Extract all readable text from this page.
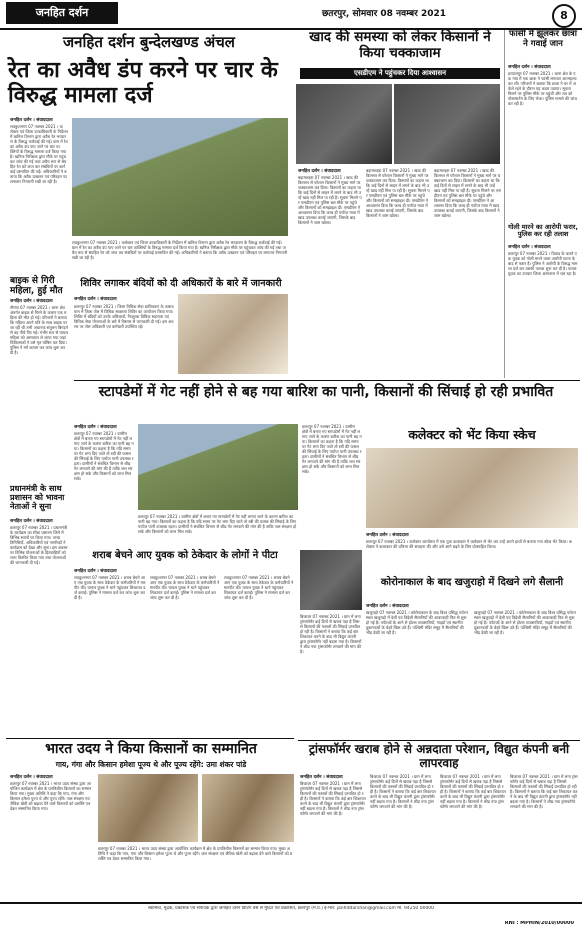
जनहित दर्शन	छतरपुर, सोमवार 08 नवम्बर 2021	8
जनहित दर्शन बुन्देलखण्ड अंचल
रेत का अवैध डंप करने पर चार के विरुद्ध मामला दर्ज
जनहित दर्शन । संवाददाता
लवकुशनगर 07 नवम्बर 2021 । कलेक्टर एवं जिला दण्डाधिकारी के निर्देशन में खनिज विभाग द्वारा अवैध रेत भण्डारण के विरुद्ध कार्रवाई की गई। ग्राम में रेत का अवैध डंप पाए जाने पर चार व्यक्तियों के विरुद्ध मामला दर्ज किया गया है। खनिज निरीक्षक द्वारा मौके पर पहुंचकर जांच की गई तथा अवैध रूप से संग्रहित रेत को जप्त कर संबंधितों पर कार्रवाई प्रस्तावित की गई। अधिकारियों ने बताया कि अवैध उत्खनन एवं परिवहन पर लगातार निगरानी रखी जा रही है।
लवकुशनगर 07 नवम्बर 2021 । कलेक्टर एवं जिला दण्डाधिकारी के निर्देशन में खनिज विभाग द्वारा अवैध रेत भण्डारण के विरुद्ध कार्रवाई की गई। ग्राम में रेत का अवैध डंप पाए जाने पर चार व्यक्तियों के विरुद्ध मामला दर्ज किया गया है। खनिज निरीक्षक द्वारा मौके पर पहुंचकर जांच की गई तथा अवैध रूप से संग्रहित रेत को जप्त कर संबंधितों पर कार्रवाई प्रस्तावित की गई। अधिकारियों ने बताया कि अवैध उत्खनन एवं परिवहन पर लगातार निगरानी रखी जा रही है।
बाइक से गिरी महिला, हुई मौत
जनहित दर्शन । संवाददाता
नौगांव 07 नवम्बर 2021 । थाना क्षेत्र अंतर्गत बाइक से गिरने के कारण एक महिला की मौत हो गई। परिजनों ने बताया कि महिला अपने पति के साथ बाइक पर जा रही थी तभी अचानक संतुलन बिगड़ने से वह नीचे गिर गई। गंभीर रूप से घायल महिला को अस्पताल ले जाया गया जहां चिकित्सकों ने उसे मृत घोषित कर दिया। पुलिस ने मर्ग कायम कर जांच शुरू कर दी है।
शिविर लगाकर बंदियों को दी अधिकारों के बारे में जानकारी
जनहित दर्शन । संवाददाता
छतरपुर 07 नवम्बर 2021 । जिला विधिक सेवा प्राधिकरण के तत्वावधान में जिला जेल में विधिक साक्षरता शिविर का आयोजन किया गया। शिविर में बंदियों को उनके अधिकारों, निःशुल्क विधिक सहायता एवं विधिक सेवा योजनाओं के बारे में विस्तार से जानकारी दी गई। इस अवसर पर जेल अधिकारी एवं कर्मचारी उपस्थित रहे।
स्टापडेमों में गेट नहीं होने से बह गया बारिश का पानी, किसानों की सिंचाई हो रही प्रभावित
जनहित दर्शन । संवाददाता
छतरपुर 07 नवम्बर 2021 । ग्रामीण क्षेत्रों में बनाए गए स्टापडेमों में गेट नहीं लगाए जाने के कारण बारिश का पानी बह गया। किसानों का कहना है कि यदि समय पर गेट लगा दिए जाते तो रबी की फसल की सिंचाई के लिए पर्याप्त पानी उपलब्ध रहता। ग्रामीणों ने संबंधित विभाग से शीघ्र गेट लगवाने की मांग की है ताकि जल संरक्षण हो सके और किसानों को लाभ मिल सके।
छतरपुर 07 नवम्बर 2021 । ग्रामीण क्षेत्रों में बनाए गए स्टापडेमों में गेट नहीं लगाए जाने के कारण बारिश का पानी बह गया। किसानों का कहना है कि यदि समय पर गेट लगा दिए जाते तो रबी की फसल की सिंचाई के लिए पर्याप्त पानी उपलब्ध रहता। ग्रामीणों ने संबंधित विभाग से शीघ्र गेट लगवाने की मांग की है ताकि जल संरक्षण हो सके और किसानों को लाभ मिल सके।
छतरपुर 07 नवम्बर 2021 । ग्रामीण क्षेत्रों में बनाए गए स्टापडेमों में गेट नहीं लगाए जाने के कारण बारिश का पानी बह गया। किसानों का कहना है कि यदि समय पर गेट लगा दिए जाते तो रबी की फसल की सिंचाई के लिए पर्याप्त पानी उपलब्ध रहता। ग्रामीणों ने संबंधित विभाग से शीघ्र गेट लगवाने की मांग की है ताकि जल संरक्षण हो सके और किसानों को लाभ मिल सके।
प्रधानमंत्री के साथ प्रशासन को भावना नेताओं ने सुना
जनहित दर्शन । संवाददाता
छतरपुर 07 नवम्बर 2021 । प्रधानमंत्री के कार्यक्रम का सीधा प्रसारण जिले में विभिन्न स्थानों पर किया गया। जनप्रतिनिधियों, अधिकारियों एवं नागरिकों ने कार्यक्रम को देखा और सुना। इस अवसर पर विभिन्न योजनाओं के हितग्राहियों को लाभ वितरित किया गया तथा योजनाओं की जानकारी दी गई।
शराब बेचने आए युवक को ठेकेदार के लोगों ने पीटा
जनहित दर्शन । संवाददाता
लवकुशनगर 07 नवम्बर 2021 । शराब बेचने आए एक युवक के साथ ठेकेदार के कर्मचारियों ने मारपीट की। घायल युवक ने थाने पहुंचकर शिकायत दर्ज कराई। पुलिस ने मामला दर्ज कर जांच शुरू कर दी है।
लवकुशनगर 07 नवम्बर 2021 । शराब बेचने आए एक युवक के साथ ठेकेदार के कर्मचारियों ने मारपीट की। घायल युवक ने थाने पहुंचकर शिकायत दर्ज कराई। पुलिस ने मामला दर्ज कर जांच शुरू कर दी है।
लवकुशनगर 07 नवम्बर 2021 । शराब बेचने आए एक युवक के साथ ठेकेदार के कर्मचारियों ने मारपीट की। घायल युवक ने थाने पहुंचकर शिकायत दर्ज कराई। पुलिस ने मामला दर्ज कर जांच शुरू कर दी है।
भारत उदय ने किया किसानों का सम्मानित
गाय, गंगा और किसान हमेशा पूज्य थे और पूज्य रहेंगे: उमा शंकर पांडे
जनहित दर्शन । संवाददाता
छतरपुर 07 नवम्बर 2021 । भारत उदय संस्था द्वारा आयोजित कार्यक्रम में क्षेत्र के प्रगतिशील किसानों का सम्मान किया गया। मुख्य अतिथि ने कहा कि गाय, गंगा और किसान हमेशा पूज्य थे और पूज्य रहेंगे। जल संरक्षण एवं जैविक खेती को बढ़ावा देने वाले किसानों को प्रशस्ति पत्र देकर सम्मानित किया गया।
छतरपुर 07 नवम्बर 2021 । भारत उदय संस्था द्वारा आयोजित कार्यक्रम में क्षेत्र के प्रगतिशील किसानों का सम्मान किया गया। मुख्य अतिथि ने कहा कि गाय, गंगा और किसान हमेशा पूज्य थे और पूज्य रहेंगे। जल संरक्षण एवं जैविक खेती को बढ़ावा देने वाले किसानों को प्रशस्ति पत्र देकर सम्मानित किया गया।
खाद की समस्या को लेकर किसानों ने किया चक्काजाम
एसडीएम ने पहुंचकर दिया आश्वासन
जनहित दर्शन । संवाददाता
बड़ामलहरा 07 नवम्बर 2021 । खाद की किल्लत से परेशान किसानों ने मुख्य मार्ग पर चक्काजाम कर दिया। किसानों का कहना था कि कई दिनों से लाइन में लगने के बाद भी उन्हें खाद नहीं मिल पा रही है। सूचना मिलने पर एसडीएम एवं पुलिस बल मौके पर पहुंचे और किसानों को समझाइश दी। एसडीएम ने आश्वासन दिया कि जल्द ही पर्याप्त मात्रा में खाद उपलब्ध कराई जाएगी, जिसके बाद किसानों ने जाम खोला।
बड़ामलहरा 07 नवम्बर 2021 । खाद की किल्लत से परेशान किसानों ने मुख्य मार्ग पर चक्काजाम कर दिया। किसानों का कहना था कि कई दिनों से लाइन में लगने के बाद भी उन्हें खाद नहीं मिल पा रही है। सूचना मिलने पर एसडीएम एवं पुलिस बल मौके पर पहुंचे और किसानों को समझाइश दी। एसडीएम ने आश्वासन दिया कि जल्द ही पर्याप्त मात्रा में खाद उपलब्ध कराई जाएगी, जिसके बाद किसानों ने जाम खोला।
बड़ामलहरा 07 नवम्बर 2021 । खाद की किल्लत से परेशान किसानों ने मुख्य मार्ग पर चक्काजाम कर दिया। किसानों का कहना था कि कई दिनों से लाइन में लगने के बाद भी उन्हें खाद नहीं मिल पा रही है। सूचना मिलने पर एसडीएम एवं पुलिस बल मौके पर पहुंचे और किसानों को समझाइश दी। एसडीएम ने आश्वासन दिया कि जल्द ही पर्याप्त मात्रा में खाद उपलब्ध कराई जाएगी, जिसके बाद किसानों ने जाम खोला।
फांसी में झूलकर छात्रा ने गवाई जान
जनहित दर्शन । संवाददाता
हरपालपुर 07 नवम्बर 2021 । थाना क्षेत्र के एक गांव में एक छात्रा ने फांसी लगाकर आत्महत्या कर ली। परिजनों ने बताया कि छात्रा ने घर में अकेले रहने के दौरान यह कदम उठाया। सूचना मिलने पर पुलिस मौके पर पहुंची और शव को पोस्टमार्टम के लिए भेजा। पुलिस मामले की जांच कर रही है।
गोली मारने का आरोपी फरार, पुलिस कर रही तलाश
जनहित दर्शन । संवाददाता
छतरपुर 07 नवम्बर 2021 । विवाद के चलते एक युवक को गोली मारने वाला आरोपी घटना के बाद से फरार है। पुलिस ने आरोपी के विरुद्ध मामला दर्ज कर उसकी तलाश शुरू कर दी है। घायल युवक का उपचार जिला अस्पताल में चल रहा है।
कलेक्टर को भेंट किया स्केच
जनहित दर्शन । संवाददाता
छतरपुर 07 नवम्बर 2021 । कलेक्टर कार्यालय में एक युवा कलाकार ने कलेक्टर से भेंट कर उन्हें अपने हाथों से बनाया गया स्केच भेंट किया। कलेक्टर ने कलाकार की प्रतिभा की सराहना की और उसे आगे बढ़ने के लिए प्रोत्साहित किया।
कोरोनाकाल के बाद खजुराहो में दिखने लगे सैलानी
जनहित दर्शन । संवाददाता
खजुराहो 07 नवम्बर 2021 । कोरोनाकाल के बाद विश्व प्रसिद्ध पर्यटन स्थल खजुराहो में देशी एवं विदेशी सैलानियों की आवाजाही फिर से शुरू हो गई है। पर्यटकों के आने से होटल व्यवसायियों, गाइडों एवं स्थानीय दुकानदारों के चेहरे खिल उठे हैं। पश्चिमी मंदिर समूह में सैलानियों की भीड़ देखी जा रही है।
खजुराहो 07 नवम्बर 2021 । कोरोनाकाल के बाद विश्व प्रसिद्ध पर्यटन स्थल खजुराहो में देशी एवं विदेशी सैलानियों की आवाजाही फिर से शुरू हो गई है। पर्यटकों के आने से होटल व्यवसायियों, गाइडों एवं स्थानीय दुकानदारों के चेहरे खिल उठे हैं। पश्चिमी मंदिर समूह में सैलानियों की भीड़ देखी जा रही है।
बिजावर 07 नवम्बर 2021 । ग्राम में लगा ट्रांसफॉर्मर कई दिनों से खराब पड़ा है जिससे किसानों की फसलों की सिंचाई प्रभावित हो रही है। किसानों ने बताया कि कई बार शिकायत करने के बाद भी विद्युत कंपनी द्वारा ट्रांसफॉर्मर नहीं बदला गया है। किसानों ने शीघ्र नया ट्रांसफॉर्मर लगवाने की मांग की है।
ट्रांसफॉर्मर खराब होने से अन्नदाता परेशान, विद्युत कंपनी बनी लापरवाह
जनहित दर्शन । संवाददाता
बिजावर 07 नवम्बर 2021 । ग्राम में लगा ट्रांसफॉर्मर कई दिनों से खराब पड़ा है जिससे किसानों की फसलों की सिंचाई प्रभावित हो रही है। किसानों ने बताया कि कई बार शिकायत करने के बाद भी विद्युत कंपनी द्वारा ट्रांसफॉर्मर नहीं बदला गया है। किसानों ने शीघ्र नया ट्रांसफॉर्मर लगवाने की मांग की है।
बिजावर 07 नवम्बर 2021 । ग्राम में लगा ट्रांसफॉर्मर कई दिनों से खराब पड़ा है जिससे किसानों की फसलों की सिंचाई प्रभावित हो रही है। किसानों ने बताया कि कई बार शिकायत करने के बाद भी विद्युत कंपनी द्वारा ट्रांसफॉर्मर नहीं बदला गया है। किसानों ने शीघ्र नया ट्रांसफॉर्मर लगवाने की मांग की है।
बिजावर 07 नवम्बर 2021 । ग्राम में लगा ट्रांसफॉर्मर कई दिनों से खराब पड़ा है जिससे किसानों की फसलों की सिंचाई प्रभावित हो रही है। किसानों ने बताया कि कई बार शिकायत करने के बाद भी विद्युत कंपनी द्वारा ट्रांसफॉर्मर नहीं बदला गया है। किसानों ने शीघ्र नया ट्रांसफॉर्मर लगवाने की मांग की है।
बिजावर 07 नवम्बर 2021 । ग्राम में लगा ट्रांसफॉर्मर कई दिनों से खराब पड़ा है जिससे किसानों की फसलों की सिंचाई प्रभावित हो रही है। किसानों ने बताया कि कई बार शिकायत करने के बाद भी विद्युत कंपनी द्वारा ट्रांसफॉर्मर नहीं बदला गया है। किसानों ने शीघ्र नया ट्रांसफॉर्मर लगवाने की मांग की है।
स्वामित्व, मुद्रक, प्रकाशक एवं संपादक द्वारा जनहित दर्शन प्रिंटिंग प्रेस से मुद्रित एवं प्रकाशित, छतरपुर (म.प्र.) ई-मेल: janhitdarshan@gmail.com मो. 94250 00000
RNI : MPHIN/2010/00000
